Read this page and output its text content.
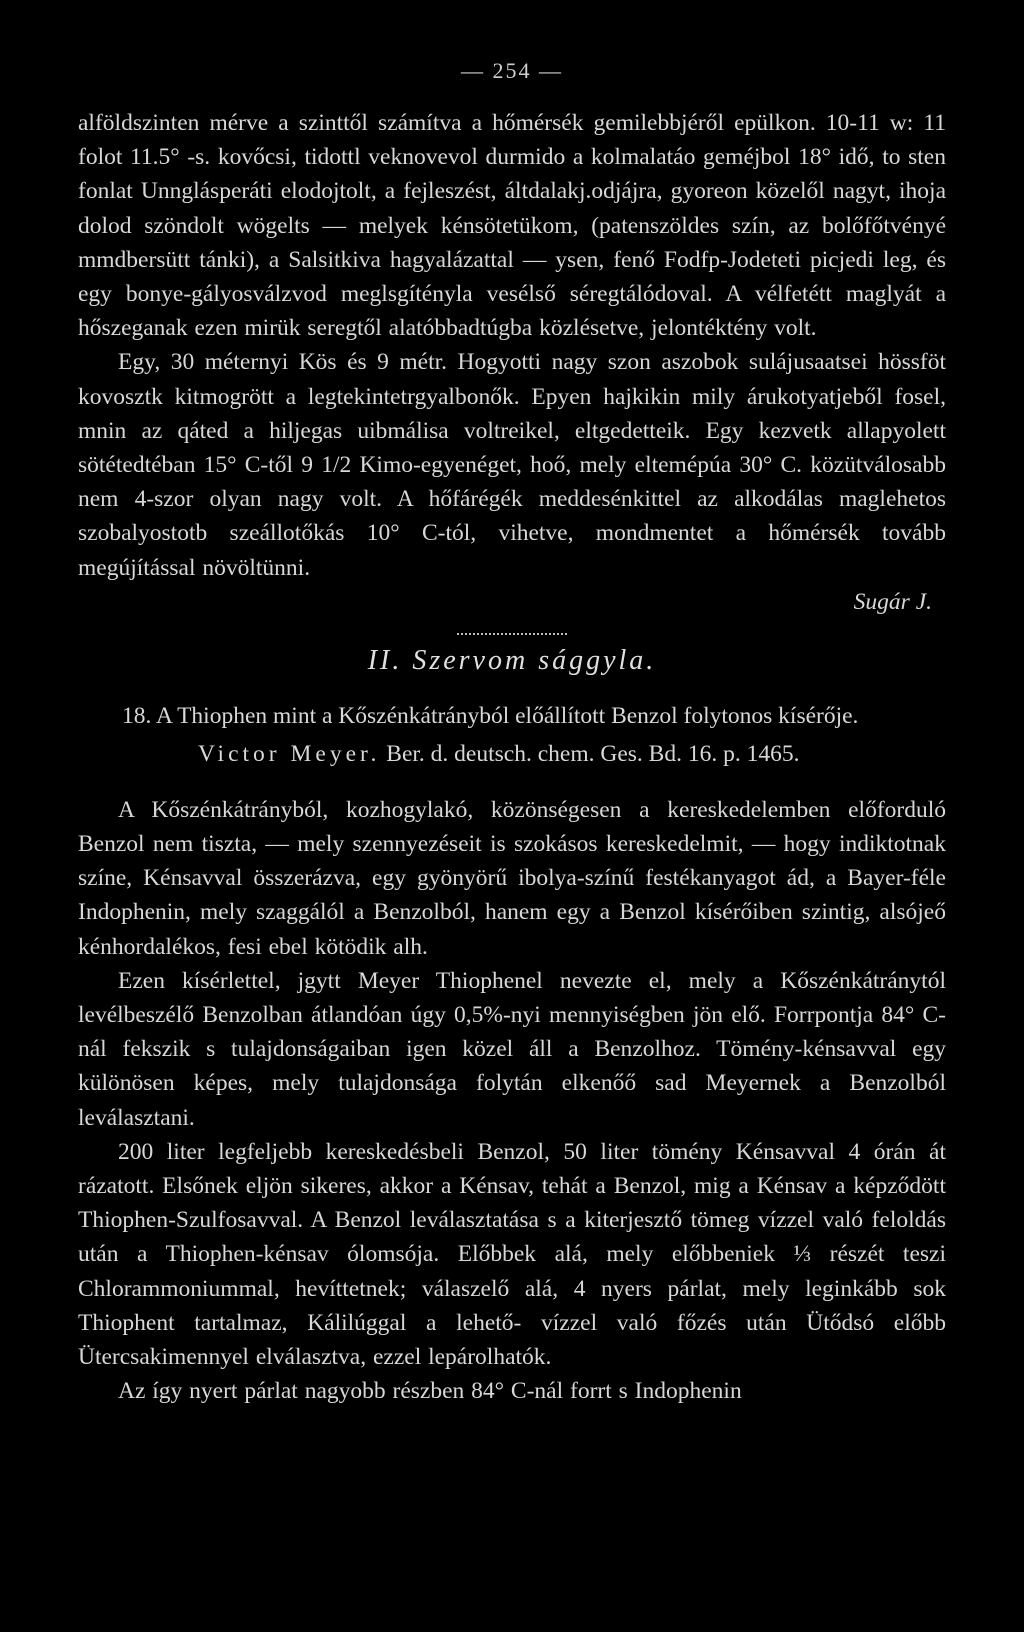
— 254 —

alföldszinten mérve a szinttől számítva a hőmérsék gemilebbjéről epülkon. 10-11 w: 11 folot 11.5° -s. kovőcsi, tidottl veknovevol durmido a kolmalatáo geméjbol 18° idő, to sten fonlat Unnglásperáti elodojtolt, a fejleszést, áltdalakj.odjájra, gyoreon közelől nagyt, ihoja dolod szöndolt wögelts — melyek kénsötetükom, (patenszöldes szín, az bolőfőtvényé mmdbersütt tánki), a Salsitkiva hagyalázattal — ysen, fenő Fodfp-Jodeteti picjedi leg, és egy bonye-gályosválzvod meglsgítényla vesélső séregtálódoval. A vélfetétt maglyát a hőszeganak ezen mirük seregtől alatóbbadtúgba közlésetve, jelontéktény volt.

Egy, 30 méternyi Kös és 9 métr. Hogyotti nagy szon aszobok sulájusaatsei hössföt kovosztk kitmogrött a legtekintetrgyalbonők. Epyen hajkikin mily árukotyatjeből fosel, mnin az qáted a hiljegas uibmálisa voltreikel, eltgedetteik. Egy kezvetk allapyolett sötétedtéban 15° C-től 9 1/2 Kimo-egyenéget, hoő, mely eltemépúa 30° C. közütválosabb nem 4-szor olyan nagy volt. A hőfárégék meddesénkittel az alkodálas maglehetos szobalyostotb szeállotőkás 10° C-tól, vihetve, mondmentet a hőmérsék tovább megújítással növöltünni.

Sugár J.
II. Szervom sággyla.
18. A Thiophen mint a Kőszénkátrányból előállított Benzol folytonos kísérője.
Victor Meyer. Ber. d. deutsch. chem. Ges. Bd. 16. p. 1465.

A Kőszénkátrányból, kozhogylakó, közönségesen a kereskedelemben előforduló Benzol nem tiszta, — mely szennyezéseit is szokásos kereskedelmit, — hogy indiktotnak színe, Kénsavval összerázva, egy gyönyörű ibolya-színű festékanyagot ád, a Bayer-féle Indophenin, mely szaggálól a Benzolból, hanem egy a Benzol kísérőiben szintig, alsójeő kénhordalékos, fesi ebel kötödik alh.

Ezen kísérlettel, jgytt Meyer Thiophenel nevezte el, mely a Kőszénkátránytól levélbeszélő Benzolban átlandóan úgy 0,5%-nyi mennyiségben jön elő. Forrpontja 84° C-nál fekszik s tulajdonságaiban igen közel áll a Benzolhoz. Tömény-kénsavval egy különösen képes, mely tulajdonsága folytán elkenőő sad Meyernek a Benzolból leválasztani.

200 liter legfeljebb kereskedésbeli Benzol, 50 liter tömény Kénsavval 4 órán át rázatott. Elsőnek eljön sikeres, akkor a Kénsav, tehát a Benzol, mig a Kénsav a képződött Thiophen-Szulfosavval. A Benzol leválasztatása s a kiterjesztő tömeg vízzel való feloldás után a Thiophen-kénsav ólomsója. Előbbek alá, mely előbbeniek ⅓ részét teszi Chlorammoniummal, hevíttetnek; válaszelő alá, 4 nyers párlat, mely leginkább sok Thiophent tartalmaz, Kálilúggal a lehető- vízzel való főzés után Ütődsó előbb Ütercsakimennyel elválasztva, ezzel lepárolhatók.

Az így nyert párlat nagyobb részben 84° C-nál forrt s Indophenin
